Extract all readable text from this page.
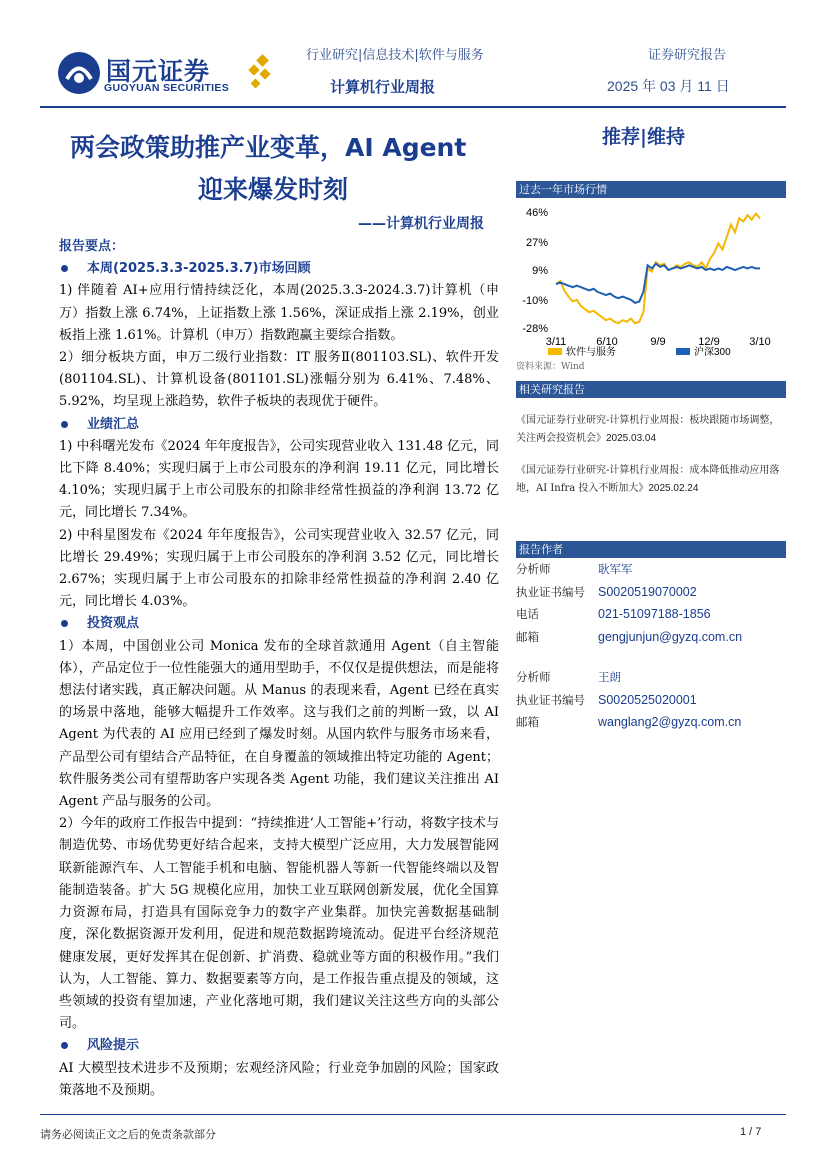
国元证券
GUOYUAN SECURITIES
行业研究|信息技术|软件与服务
计算机行业周报
证券研究报告
2025 年 03 月 11 日
两会政策助推产业变革，AI Agent
迎来爆发时刻
——计算机行业周报
推荐|维持
报告要点：
本周(2025.3.3-2025.3.7)市场回顾

1) 伴随着 AI+应用行情持续泛化，本周(2025.3.3-2024.3.7)计算机（申万）指数上涨 6.74%，上证指数上涨 1.56%，深证成指上涨 2.19%，创业板指上涨 1.61%。计算机（申万）指数跑赢主要综合指数。

2）细分板块方面，申万二级行业指数：IT 服务Ⅱ(801103.SL)、软件开发(801104.SL)、计算机设备(801101.SL)涨幅分别为 6.41%、7.48%、5.92%，均呈现上涨趋势，软件子板块的表现优于硬件。

业绩汇总

1) 中科曙光发布《2024 年年度报告》，公司实现营业收入 131.48 亿元，同比下降 8.40%；实现归属于上市公司股东的净利润 19.11 亿元，同比增长 4.10%；实现归属于上市公司股东的扣除非经常性损益的净利润 13.72 亿元，同比增长 7.34%。

2) 中科星图发布《2024 年年度报告》，公司实现营业收入 32.57 亿元，同比增长 29.49%；实现归属于上市公司股东的净利润 3.52 亿元，同比增长 2.67%；实现归属于上市公司股东的扣除非经常性损益的净利润 2.40 亿元，同比增长 4.03%。

投资观点

1）本周，中国创业公司 Monica 发布的全球首款通用 Agent（自主智能体），产品定位于一位性能强大的通用型助手，不仅仅是提供想法，而是能将想法付诸实践，真正解决问题。从 Manus 的表现来看，Agent 已经在真实的场景中落地，能够大幅提升工作效率。这与我们之前的判断一致，以 AI Agent 为代表的 AI 应用已经到了爆发时刻。从国内软件与服务市场来看，产品型公司有望结合产品特征，在自身覆盖的领域推出特定功能的 Agent；软件服务类公司有望帮助客户实现各类 Agent 功能，我们建议关注推出 AI Agent 产品与服务的公司。

2）今年的政府工作报告中提到：“持续推进‘人工智能+’行动，将数字技术与制造优势、市场优势更好结合起来，支持大模型广泛应用，大力发展智能网联新能源汽车、人工智能手机和电脑、智能机器人等新一代智能终端以及智能制造装备。扩大 5G 规模化应用，加快工业互联网创新发展，优化全国算力资源布局，打造具有国际竞争力的数字产业集群。加快完善数据基础制度，深化数据资源开发利用，促进和规范数据跨境流动。促进平台经济规范健康发展，更好发挥其在促创新、扩消费、稳就业等方面的积极作用。”我们认为，人工智能、算力、数据要素等方向，是工作报告重点提及的领域，这些领域的投资有望加速，产业化落地可期，我们建议关注这些方向的头部公司。

风险提示

AI 大模型技术进步不及预期；宏观经济风险；行业竞争加剧的风险；国家政策落地不及预期。

过去一年市场行情
46%
27%
9%
-10%
-28%
3/11	6/10	9/9	12/9	3/10
软件与服务	沪深300
资料来源：Wind
相关研究报告
《国元证券行业研究-计算机行业周报：板块跟随市场调整，关注两会投资机会》2025.03.04
《国元证券行业研究-计算机行业周报：成本降低推动应用落地，AI Infra 投入不断加大》2025.02.24
报告作者
分析师	耿军军
执业证书编号	S0020519070002
电话	021-51097188-1856
邮箱	gengjunjun@gyzq.com.cn
分析师	王朗
执业证书编号	S0020525020001
邮箱	wanglang2@gyzq.com.cn
请务必阅读正文之后的免责条款部分	1 / 7
